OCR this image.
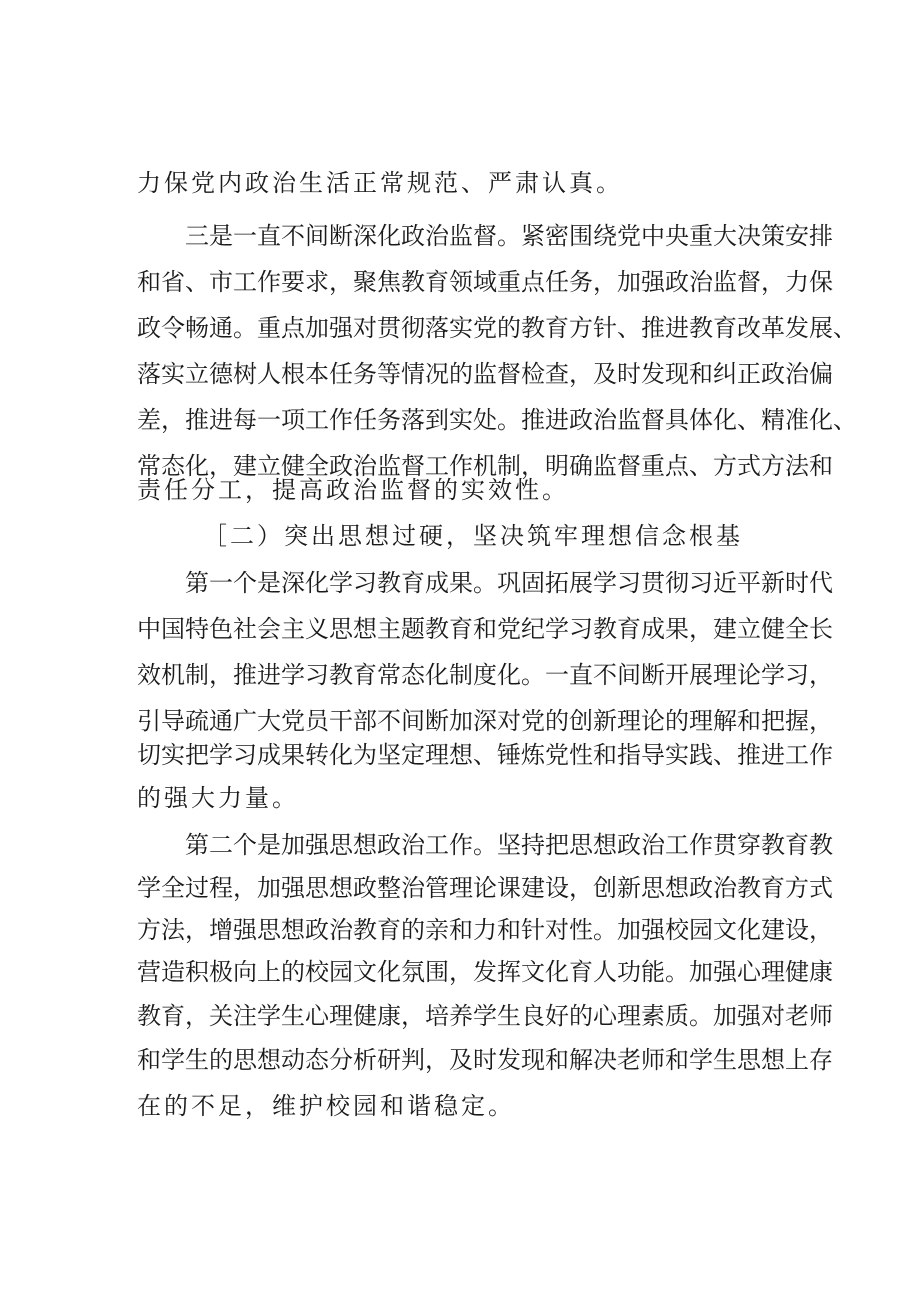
力保党内政治生活正常规范、严肃认真。
三是一直不间断深化政治监督。紧密围绕党中央重大决策安排
和省、市工作要求，聚焦教育领域重点任务，加强政治监督，力保
政令畅通。重点加强对贯彻落实党的教育方针、推进教育改革发展、
落实立德树人根本任务等情况的监督检查，及时发现和纠正政治偏
差，推进每一项工作任务落到实处。推进政治监督具体化、精准化、
常态化，建立健全政治监督工作机制，明确监督重点、方式方法和
责任分工，提高政治监督的实效性。
［二）突出思想过硬，坚决筑牢理想信念根基
第一个是深化学习教育成果。巩固拓展学习贯彻习近平新时代
中国特色社会主义思想主题教育和党纪学习教育成果，建立健全长
效机制，推进学习教育常态化制度化。一直不间断开展理论学习，
引导疏通广大党员干部不间断加深对党的创新理论的理解和把握，
切实把学习成果转化为坚定理想、锤炼党性和指导实践、推进工作
的强大力量。
第二个是加强思想政治工作。坚持把思想政治工作贯穿教育教
学全过程，加强思想政整治管理论课建设，创新思想政治教育方式
方法，增强思想政治教育的亲和力和针对性。加强校园文化建设，
营造积极向上的校园文化氛围，发挥文化育人功能。加强心理健康
教育，关注学生心理健康，培养学生良好的心理素质。加强对老师
和学生的思想动态分析研判，及时发现和解决老师和学生思想上存
在的不足，维护校园和谐稳定。
